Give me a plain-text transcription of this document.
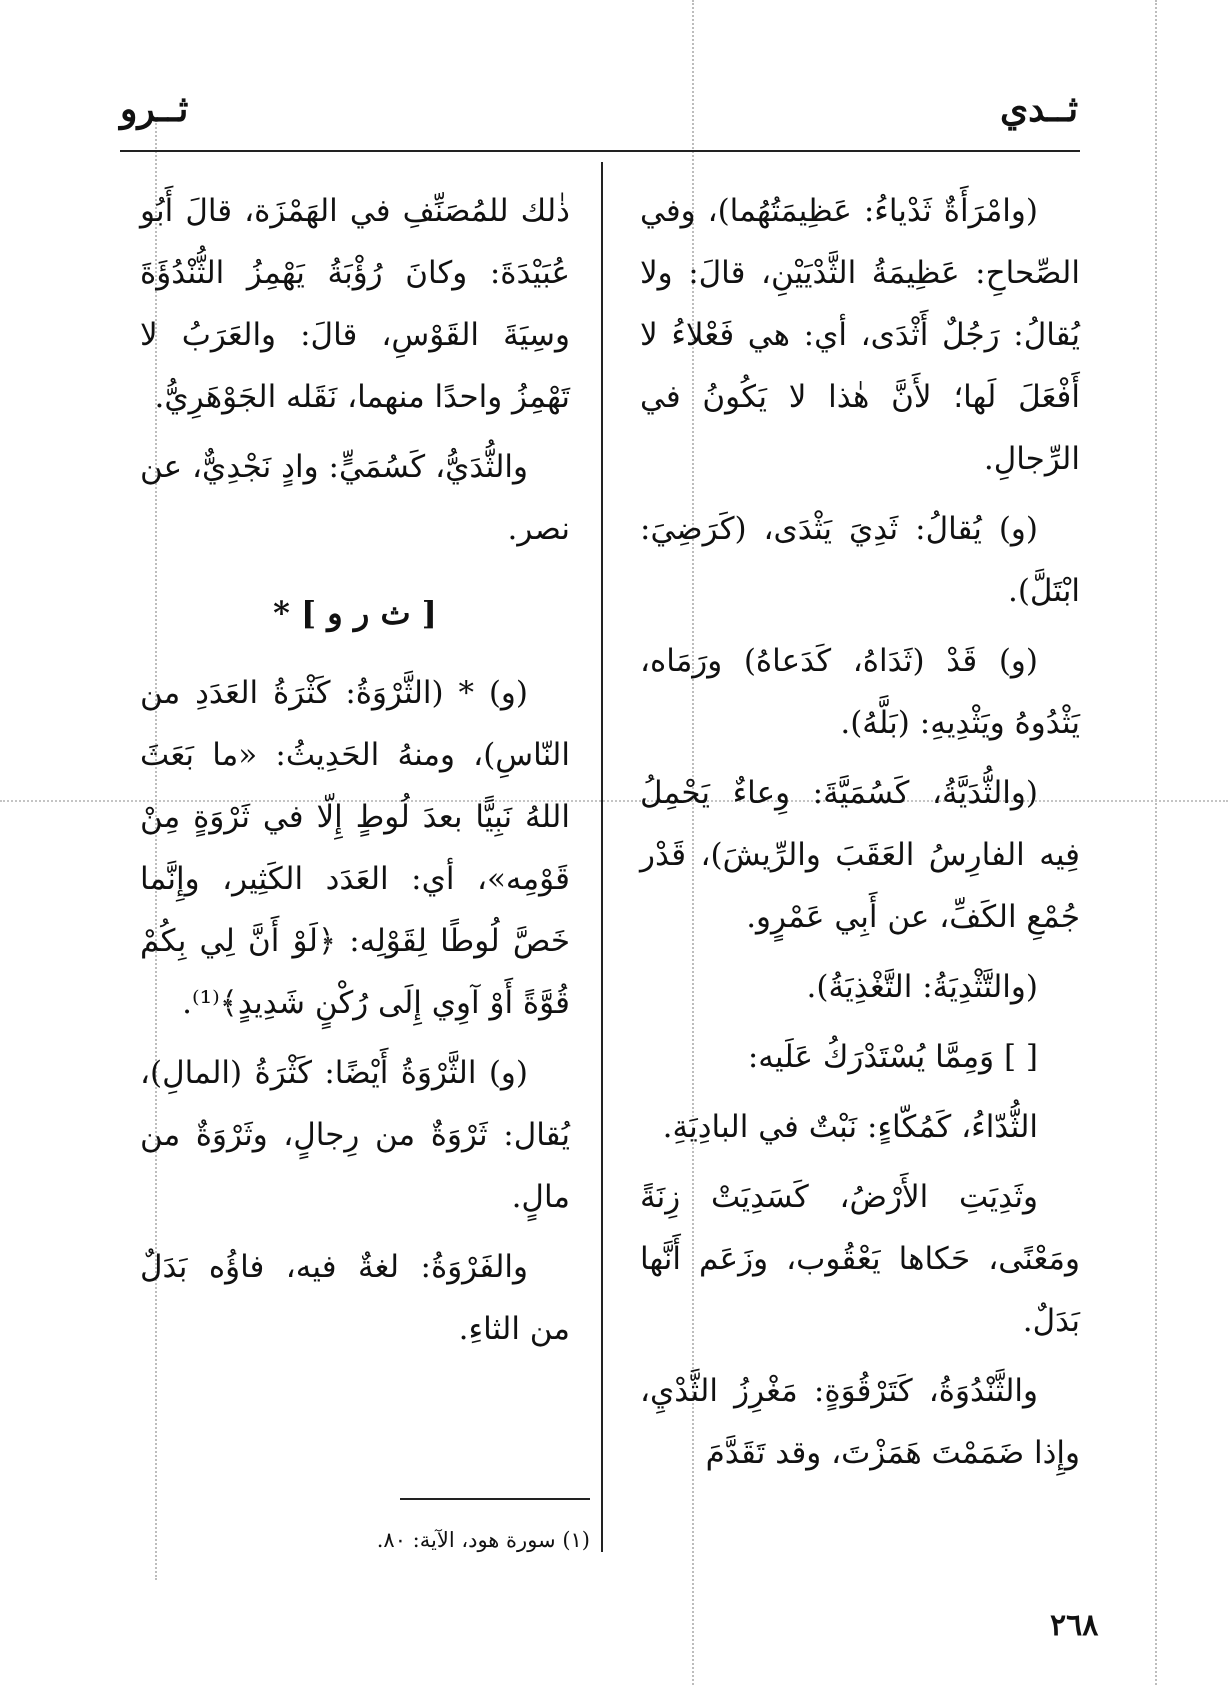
ثــدي
ثــرو

(وامْرَأَةٌ ثَدْياءُ: عَظِيمَتُهُما)، وفي الصِّحاحِ: عَظِيمَةُ الثَّدْيَيْنِ، قالَ: ولا يُقالُ: رَجُلٌ أَثْدَى، أي: هي فَعْلاءُ لا أَفْعَلَ لَها؛ لأَنَّ هٰذا لا يَكُونُ في الرِّجالِ.

(و) يُقالُ: ثَدِيَ يَثْدَى، (كَرَضِيَ: ابْتَلَّ).

(و) قَدْ (ثَدَاهُ، كَدَعاهُ) ورَمَاه، يَثْدُوهُ ويَثْدِيهِ: (بَلَّهُ).

(والثُّدَيَّةُ، كَسُمَيَّةَ: وِعاءٌ يَحْمِلُ فِيه الفارِسُ العَقَبَ والرِّيشَ)، قَدْر جُمْعِ الكَفِّ، عن أَبِي عَمْرٍو.

(والتَّثْدِيَةُ: التَّغْذِيَةُ).

[ ] وَمِمَّا يُسْتَدْرَكُ عَلَيه:

الثُّدّاءُ، كَمُكّاءٍ: نَبْتٌ في البادِيَةِ.

وثَدِيَتِ الأَرْضُ، كَسَدِيَتْ زِنَةً ومَعْنًى، حَكاها يَعْقُوب، وزَعَم أَنَّها بَدَلٌ.

والثَّنْدُوَةُ، كَتَرْقُوَةٍ: مَغْرِزُ الثَّدْيِ، وإِذا ضَمَمْتَ هَمَزْتَ، وقد تَقَدَّمَ

ذٰلك للمُصَنِّفِ في الهَمْزَة، قالَ أَبُو عُبَيْدَةَ: وكانَ رُؤْبَةُ يَهْمِزُ الثُّنْدُؤَةَ وسِيَةَ القَوْسِ، قالَ: والعَرَبُ لا تَهْمِزُ واحدًا منهما، نَقَله الجَوْهَرِيُّ.

والثُّدَيُّ، كَسُمَيٍّ: وادٍ نَجْدِيٌّ، عن نصر.

[ ث ر و ] *

(و) * (الثَّرْوَةُ: كَثْرَةُ العَدَدِ من النّاسِ)، ومنهُ الحَدِيثُ: «ما بَعَثَ اللهُ نَبِيًّا بعدَ لُوطٍ إِلّا في ثَرْوَةٍ مِنْ قَوْمِه»، أي: العَدَد الكَثِير، وإِنَّما خَصَّ لُوطًا لِقَوْلِه: ﴿لَوْ أَنَّ لِي بِكُمْ قُوَّةً أَوْ آوِي إِلَى رُكْنٍ شَدِيدٍ﴾⁽¹⁾.

(و) الثَّرْوَةُ أَيْضًا: كَثْرَةُ (المالِ)، يُقال: ثَرْوَةٌ من رِجالٍ، وثَرْوَةٌ من مالٍ.

والفَرْوَةُ: لغةٌ فيه، فاؤُه بَدَلٌ من الثاءِ.

(١) سورة هود، الآية: ٨٠.
٢٦٨
